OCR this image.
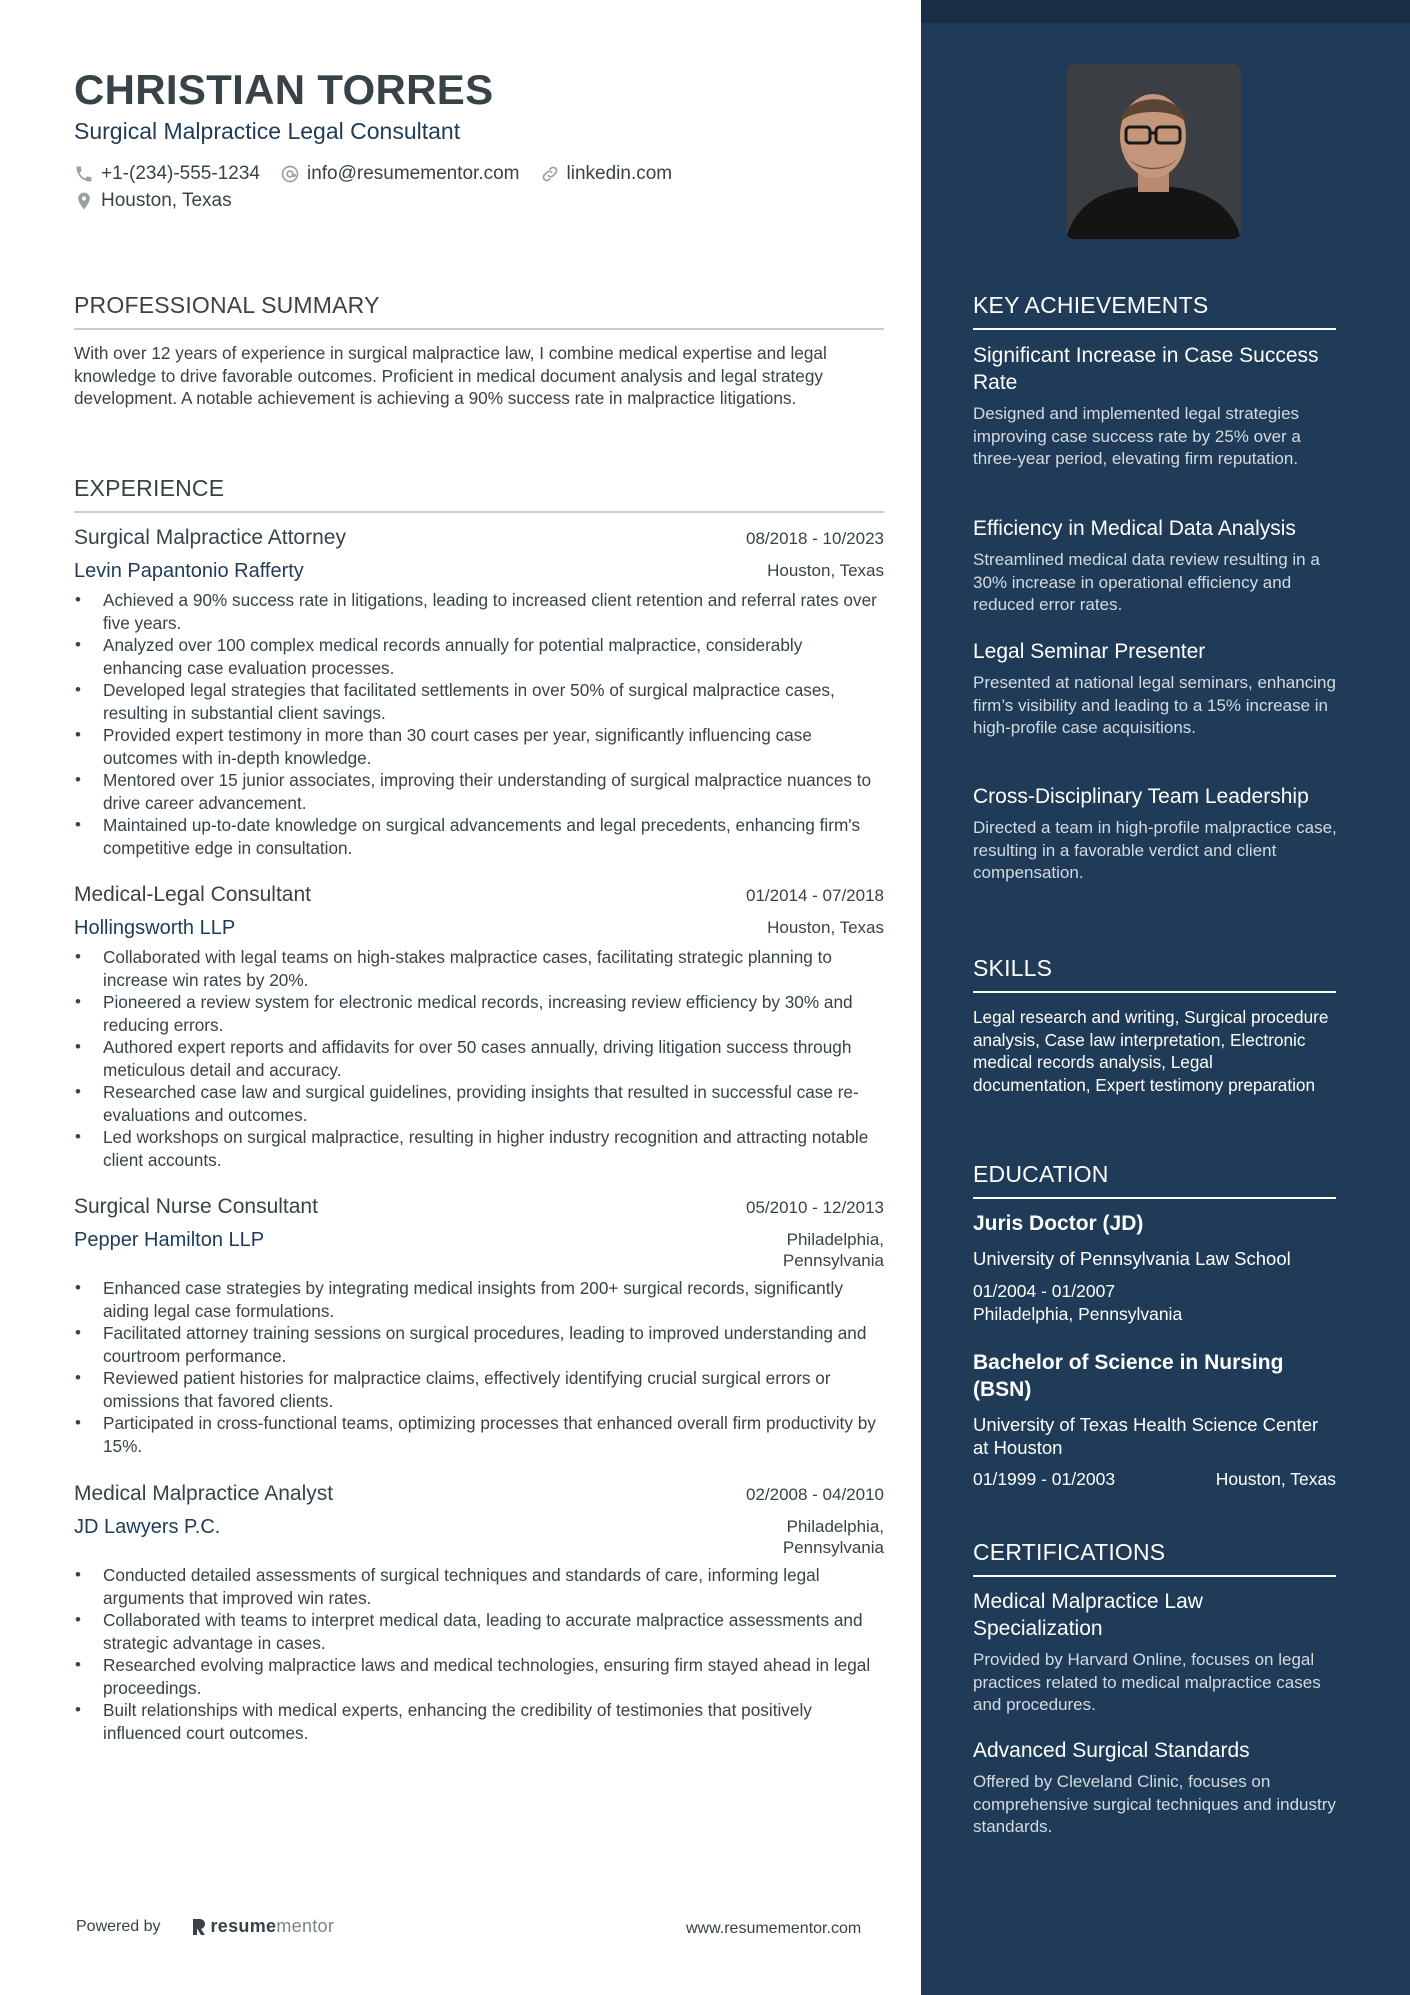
CHRISTIAN TORRES
Surgical Malpractice Legal Consultant
+1-(234)-555-1234 info@resumementor.com linkedin.com
Houston, Texas
PROFESSIONAL SUMMARY
With over 12 years of experience in surgical malpractice law, I combine medical expertise and legal knowledge to drive favorable outcomes. Proficient in medical document analysis and legal strategy development. A notable achievement is achieving a 90% success rate in malpractice litigations.
EXPERIENCE
Surgical Malpractice Attorney	08/2018 - 10/2023
Levin Papantonio Rafferty	Houston, Texas
• Achieved a 90% success rate in litigations, leading to increased client retention and referral rates over five years.
• Analyzed over 100 complex medical records annually for potential malpractice, considerably enhancing case evaluation processes.
• Developed legal strategies that facilitated settlements in over 50% of surgical malpractice cases, resulting in substantial client savings.
• Provided expert testimony in more than 30 court cases per year, significantly influencing case outcomes with in-depth knowledge.
• Mentored over 15 junior associates, improving their understanding of surgical malpractice nuances to drive career advancement.
• Maintained up-to-date knowledge on surgical advancements and legal precedents, enhancing firm's competitive edge in consultation.
Medical-Legal Consultant	01/2014 - 07/2018
Hollingsworth LLP	Houston, Texas
• Collaborated with legal teams on high-stakes malpractice cases, facilitating strategic planning to increase win rates by 20%.
• Pioneered a review system for electronic medical records, increasing review efficiency by 30% and reducing errors.
• Authored expert reports and affidavits for over 50 cases annually, driving litigation success through meticulous detail and accuracy.
• Researched case law and surgical guidelines, providing insights that resulted in successful case re-evaluations and outcomes.
• Led workshops on surgical malpractice, resulting in higher industry recognition and attracting notable client accounts.
Surgical Nurse Consultant	05/2010 - 12/2013
Pepper Hamilton LLP	Philadelphia,
Pennsylvania
• Enhanced case strategies by integrating medical insights from 200+ surgical records, significantly aiding legal case formulations.
• Facilitated attorney training sessions on surgical procedures, leading to improved understanding and courtroom performance.
• Reviewed patient histories for malpractice claims, effectively identifying crucial surgical errors or omissions that favored clients.
• Participated in cross-functional teams, optimizing processes that enhanced overall firm productivity by 15%.
Medical Malpractice Analyst	02/2008 - 04/2010
JD Lawyers P.C.	Philadelphia,
Pennsylvania
• Conducted detailed assessments of surgical techniques and standards of care, informing legal arguments that improved win rates.
• Collaborated with teams to interpret medical data, leading to accurate malpractice assessments and strategic advantage in cases.
• Researched evolving malpractice laws and medical technologies, ensuring firm stayed ahead in legal proceedings.
• Built relationships with medical experts, enhancing the credibility of testimonies that positively influenced court outcomes.
Powered by	resume mentor	www.resumementor.com
KEY ACHIEVEMENTS
Significant Increase in Case Success Rate
Designed and implemented legal strategies improving case success rate by 25% over a three-year period, elevating firm reputation.
Efficiency in Medical Data Analysis
Streamlined medical data review resulting in a 30% increase in operational efficiency and reduced error rates.
Legal Seminar Presenter
Presented at national legal seminars, enhancing firm’s visibility and leading to a 15% increase in high-profile case acquisitions.
Cross-Disciplinary Team Leadership
Directed a team in high-profile malpractice case, resulting in a favorable verdict and client compensation.
SKILLS
Legal research and writing, Surgical procedure analysis, Case law interpretation, Electronic medical records analysis, Legal documentation, Expert testimony preparation
EDUCATION
Juris Doctor (JD)
University of Pennsylvania Law School
01/2004 - 01/2007
Philadelphia, Pennsylvania
Bachelor of Science in Nursing (BSN)
University of Texas Health Science Center at Houston
01/1999 - 01/2003	Houston, Texas
CERTIFICATIONS
Medical Malpractice Law Specialization
Provided by Harvard Online, focuses on legal practices related to medical malpractice cases and procedures.
Advanced Surgical Standards
Offered by Cleveland Clinic, focuses on comprehensive surgical techniques and industry standards.
